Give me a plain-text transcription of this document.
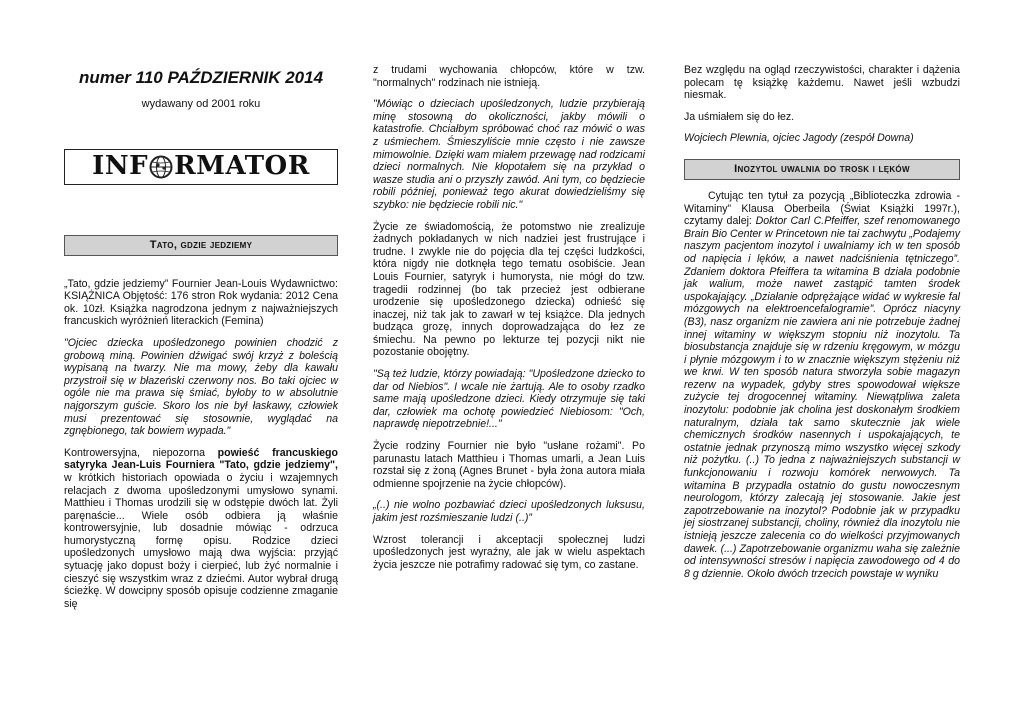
numer 110 PAŹDZIERNIK 2014
wydawany od 2001 roku
INF RMATOR
Tato, gdzie jedziemy

„Tato, gdzie jedziemy” Fournier Jean-Louis Wydawnictwo: KSIĄŻNICA Objętość: 176 stron Rok wydania: 2012 Cena ok. 10zł. Książka nagrodzona jednym z najważniejszych francuskich wyróżnień literackich (Femina)

"Ojciec dziecka upośledzonego powinien chodzić z grobową miną. Powinien dźwigać swój krzyż z boleścią wypisaną na twarzy. Nie ma mowy, żeby dla kawału przystroił się w błazeński czerwony nos. Bo taki ojciec w ogóle nie ma prawa się śmiać, byłoby to w absolutnie najgorszym guście. Skoro los nie był łaskawy, człowiek musi prezentować się stosownie, wyglądać na zgnębionego, tak bowiem wypada."

Kontrowersyjna, niepozorna powieść francuskiego satyryka Jean-Luis Fourniera "Tato, gdzie jedziemy", w krótkich historiach opowiada o życiu i wzajemnych relacjach z dwoma upośledzonymi umysłowo synami. Matthieu i Thomas urodzili się w odstępie dwóch lat. Żyli paręnaście... Wiele osób odbiera ją właśnie kontrowersyjnie, lub dosadnie mówiąc - odrzuca humorystyczną formę opisu. Rodzice dzieci upośledzonych umysłowo mają dwa wyjścia: przyjąć sytuację jako dopust boży i cierpieć, lub żyć normalnie i cieszyć się wszystkim wraz z dziećmi. Autor wybrał drugą ścieżkę. W dowcipny sposób opisuje codzienne zmaganie się

z trudami wychowania chłopców, które w tzw. "normalnych" rodzinach nie istnieją.

"Mówiąc o dzieciach upośledzonych, ludzie przybierają minę stosowną do okoliczności, jakby mówili o katastrofie. Chciałbym spróbować choć raz mówić o was z uśmiechem. Śmieszyliście mnie często i nie zawsze mimowolnie. Dzięki wam miałem przewagę nad rodzicami dzieci normalnych. Nie kłopotałem się na przykład o wasze studia ani o przyszły zawód. Ani tym, co będziecie robili później, ponieważ tego akurat dowiedzieliśmy się szybko: nie będziecie robili nic."

Życie ze świadomością, że potomstwo nie zrealizuje żadnych pokładanych w nich nadziei jest frustrujące i trudne. I zwykle nie do pojęcia dla tej części ludzkości, która nigdy nie dotknęła tego tematu osobiście. Jean Louis Fournier, satyryk i humorysta, nie mógł do tzw. tragedii rodzinnej (bo tak przecież jest odbierane urodzenie się upośledzonego dziecka) odnieść się inaczej, niż tak jak to zawarł w tej książce. Dla jednych budząca grozę, innych doprowadzająca do łez ze śmiechu. Na pewno po lekturze tej pozycji nikt nie pozostanie obojętny.

"Są też ludzie, którzy powiadają: "Upośledzone dziecko to dar od Niebios". I wcale nie żartują. Ale to osoby rzadko same mają upośledzone dzieci. Kiedy otrzymuje się taki dar, człowiek ma ochotę powiedzieć Niebiosom: "Och, naprawdę niepotrzebnie!..."

Życie rodziny Fournier nie było "usłane rożami". Po parunastu latach Matthieu i Thomas umarli, a Jean Luis rozstał się z żoną (Agnes Brunet - była żona autora miała odmienne spojrzenie na życie chłopców).

„(..) nie wolno pozbawiać dzieci upośledzonych luksusu, jakim jest rozśmieszanie ludzi (..)”

Wzrost tolerancji i akceptacji społecznej ludzi upośledzonych jest wyraźny, ale jak w wielu aspektach życia jeszcze nie potrafimy radować się tym, co zastane.

Bez względu na ogląd rzeczywistości, charakter i dążenia polecam tę książkę każdemu. Nawet jeśli wzbudzi niesmak.

Ja uśmiałem się do łez.

Wojciech Plewnia, ojciec Jagody (zespół Downa)

Inozytol uwalnia do trosk i lęków

Cytując ten tytuł za pozycją „Biblioteczka zdrowia - Witaminy” Klausa Oberbeila (Świat Książki 1997r.), czytamy dalej: Doktor Carl C.Pfeiffer, szef renomowanego Brain Bio Center w Princetown nie tai zachwytu „Podajemy naszym pacjentom inozytol i uwalniamy ich w ten sposób od napięcia i lęków, a nawet nadciśnienia tętniczego”. Zdaniem doktora Pfeiffera ta witamina B działa podobnie jak walium, może nawet zastąpić tamten środek uspokajający. „Działanie odprężające widać w wykresie fal mózgowych na elektroencefalogramie”. Oprócz niacyny (B3), nasz organizm nie zawiera ani nie potrzebuje żadnej innej witaminy w większym stopniu niż inozytolu. Ta biosubstancja znajduje się w rdzeniu kręgowym, w mózgu i płynie mózgowym i to w znacznie większym stężeniu niż we krwi. W ten sposób natura stworzyła sobie magazyn rezerw na wypadek, gdyby stres spowodował większe zużycie tej drogocennej witaminy. Niewątpliwa zaleta inozytolu: podobnie jak cholina jest doskonałym środkiem naturalnym, działa tak samo skutecznie jak wiele chemicznych środków nasennych i uspokajających, te ostatnie jednak przynoszą mimo wszystko więcej szkody niż pożytku. (..) To jedna z najważniejszych substancji w funkcjonowaniu i rozwoju komórek nerwowych. Ta witamina B przypadła ostatnio do gustu nowoczesnym neurologom, którzy zalecają jej stosowanie. Jakie jest zapotrzebowanie na inozytol? Podobnie jak w przypadku jej siostrzanej substancji, choliny, również dla inozytolu nie istnieją jeszcze zalecenia co do wielkości przyjmowanych dawek. (...) Zapotrzebowanie organizmu waha się zależnie od intensywności stresów i napięcia zawodowego od 4 do 8 g dziennie. Około dwóch trzecich powstaje w wyniku
